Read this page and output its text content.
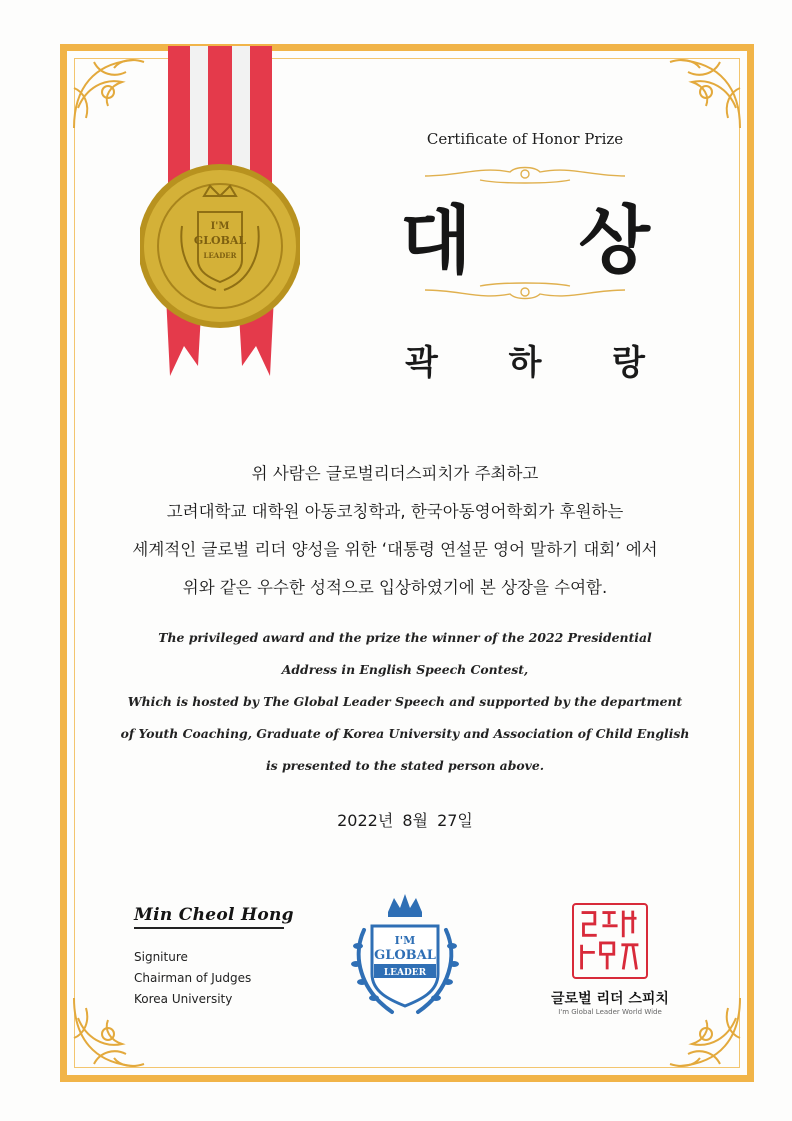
I'M
GLOBAL
LEADER
Certificate of Honor Prize
대 상
곽 하 랑
위 사람은 글로벌리더스피치가 주최하고
고려대학교 대학원 아동코칭학과, 한국아동영어학회가 후원하는
세계적인 글로벌 리더 양성을 위한 ‘대통령 연설문 영어 말하기 대회’ 에서
위와 같은 우수한 성적으로 입상하였기에 본 상장을 수여함.
The privileged award and the prize the winner of the 2022 Presidential
Address in English Speech Contest,
Which is hosted by The Global Leader Speech and supported by the department
of Youth Coaching, Graduate of Korea University and Association of Child English
is presented to the stated person above.
2022년 8월 27일
Min Cheol Hong
Signiture
Chairman of Judges
Korea University
I'M
GLOBAL
LEADER
글로벌 리더 스피치
I'm Global Leader World Wide
